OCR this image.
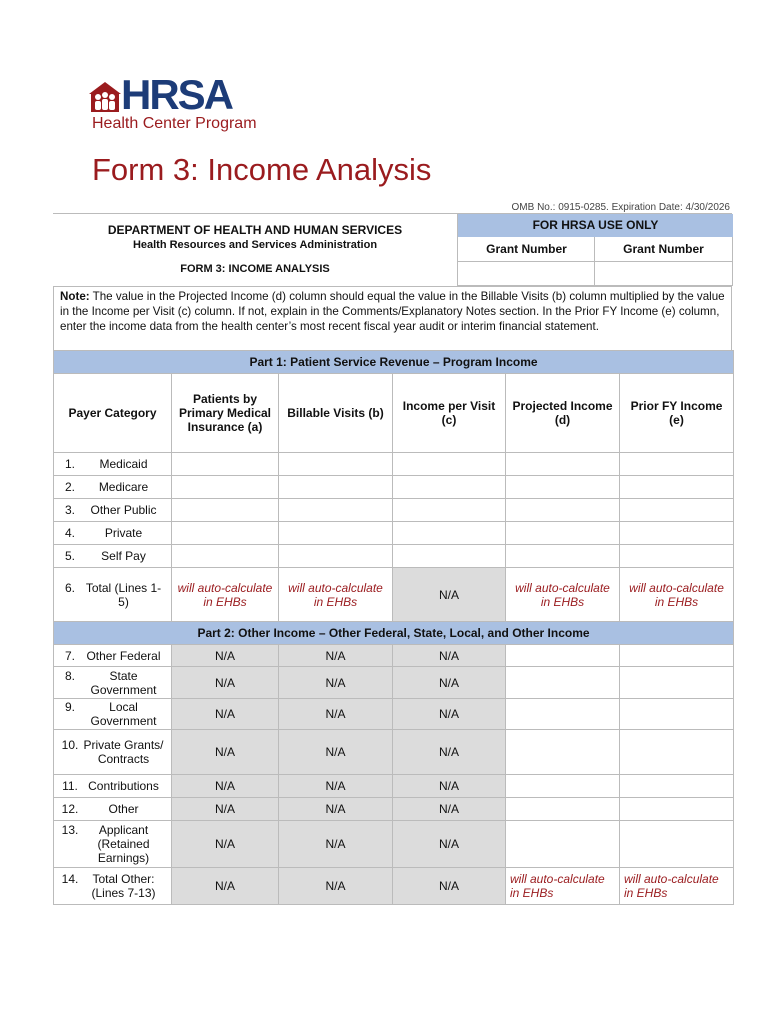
HRSA
Health Center Program
Form 3: Income Analysis
OMB No.: 0915-0285. Expiration Date: 4/30/2026
DEPARTMENT OF HEALTH AND HUMAN SERVICES
Health Resources and Services Administration
FORM 3: INCOME ANALYSIS
FOR HRSA USE ONLY
Grant Number	Grant Number
Note: The value in the Projected Income (d) column should equal the value in the Billable Visits (b) column multiplied by the value in the Income per Visit (c) column. If not, explain in the Comments/Explanatory Notes section. In the Prior FY Income (e) column, enter the income data from the health center’s most recent fiscal year audit or interim financial statement.
Part 1: Patient Service Revenue – Program Income					
Payer Category	Patients by Primary Medical Insurance (a)	Billable Visits (b)	Income per Visit (c)	Projected Income (d)	Prior FY Income (e)
1. Medicaid					
2. Medicare					
3. Other Public					
4. Private					
5. Self Pay					
6. Total (Lines 1-5)	will auto-calculate in EHBs	will auto-calculate in EHBs	N/A	will auto-calculate in EHBs	will auto-calculate in EHBs
Part 2: Other Income – Other Federal, State, Local, and Other Income					
7. Other Federal	N/A	N/A	N/A		
8. State Government	N/A	N/A	N/A		
9. Local Government	N/A	N/A	N/A		
10. Private Grants/ Contracts	N/A	N/A	N/A		
11. Contributions	N/A	N/A	N/A		
12. Other	N/A	N/A	N/A		
13. Applicant (Retained Earnings)	N/A	N/A	N/A		
14. Total Other: (Lines 7-13)	N/A	N/A	N/A	will auto-calculate in EHBs	will auto-calculate in EHBs
